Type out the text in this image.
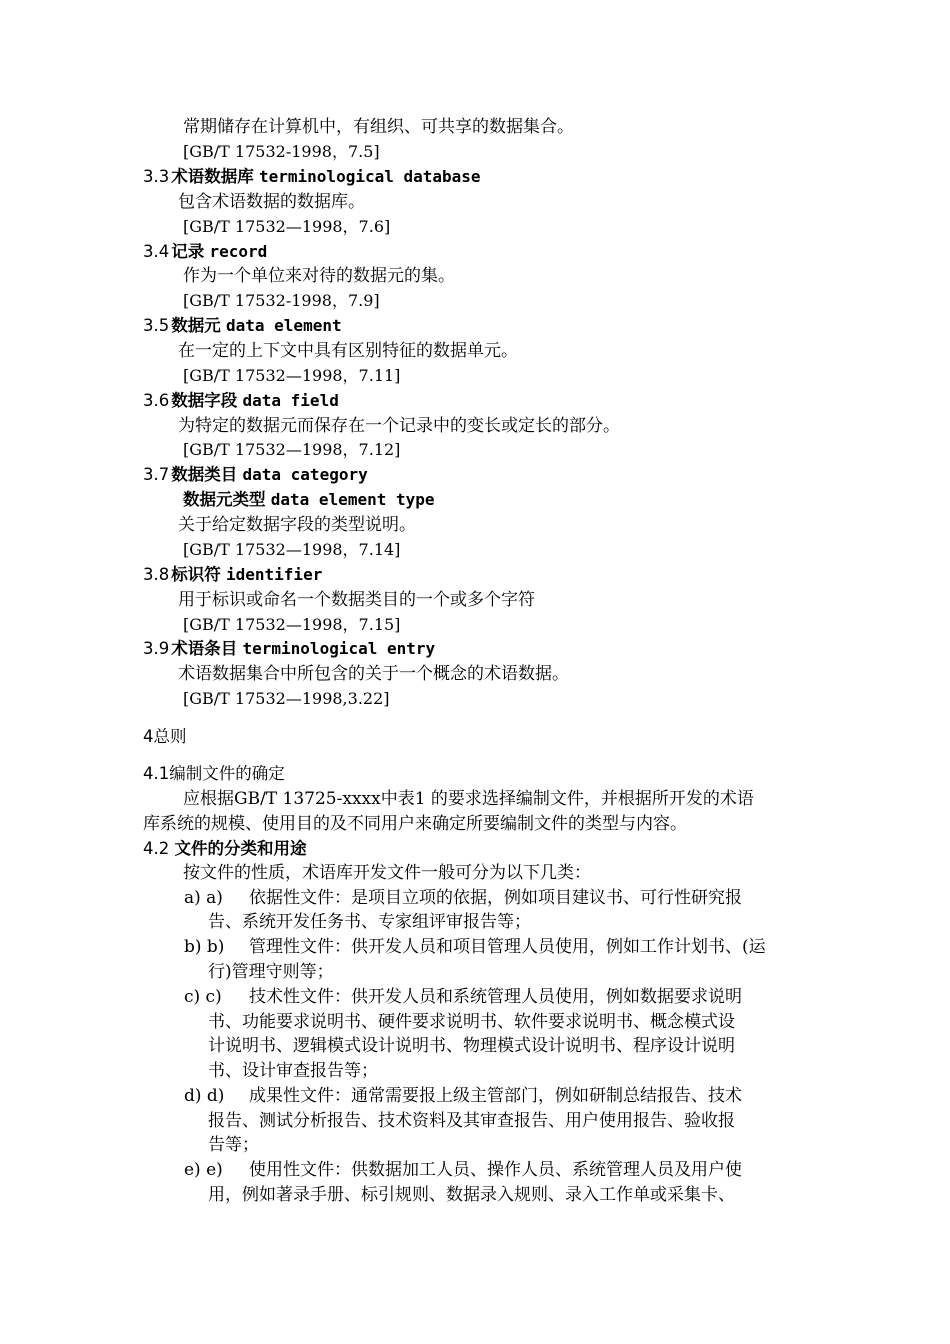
常期储存在计算机中，有组织、可共享的数据集合。
[GB/T 17532-1998，7.5]
3.3 术语数据库 terminological database
包含术语数据的数据库。
[GB/T 17532—1998，7.6]
3.4 记录 record
作为一个单位来对待的数据元的集。
[GB/T 17532-1998，7.9]
3.5 数据元 data element
在一定的上下文中具有区别特征的数据单元。
[GB/T 17532—1998，7.11]
3.6 数据字段 data field
为特定的数据元而保存在一个记录中的变长或定长的部分。
[GB/T 17532—1998，7.12]
3.7 数据类目 data category
数据元类型 data element type
关于给定数据字段的类型说明。
[GB/T 17532—1998，7.14]
3.8 标识符 identifier
用于标识或命名一个数据类目的一个或多个字符
[GB/T 17532—1998，7.15]
3.9 术语条目 terminological entry
术语数据集合中所包含的关于一个概念的术语数据。
[GB/T 17532—1998,3.22]
4总则
4.1编制文件的确定
应根据GB/T 13725-xxxx中表1 的要求选择编制文件，并根据所开发的术语
库系统的规模、使用目的及不同用户来确定所要编制文件的类型与内容。
4.2 文件的分类和用途
按文件的性质，术语库开发文件一般可分为以下几类：
a) a) 依据性文件：是项目立项的依据，例如项目建议书、可行性研究报
告、系统开发任务书、专家组评审报告等；
b) b) 管理性文件：供开发人员和项目管理人员使用，例如工作计划书、(运
行)管理守则等；
c) c) 技术性文件：供开发人员和系统管理人员使用，例如数据要求说明
书、功能要求说明书、硬件要求说明书、软件要求说明书、概念模式设
计说明书、逻辑模式设计说明书、物理模式设计说明书、程序设计说明
书、设计审查报告等；
d) d) 成果性文件：通常需要报上级主管部门，例如研制总结报告、技术
报告、测试分析报告、技术资料及其审查报告、用户使用报告、验收报
告等；
e) e) 使用性文件：供数据加工人员、操作人员、系统管理人员及用户使
用，例如著录手册、标引规则、数据录入规则、录入工作单或采集卡、
